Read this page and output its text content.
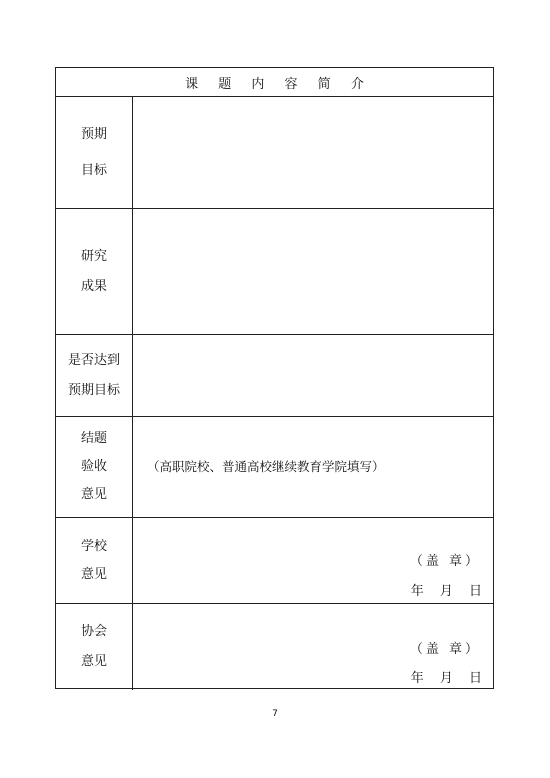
课 题 内 容 简 介
预期
目标
研究
成果
是否达到
预期目标
结题
验收
意见
（高职院校、普通高校继续教育学院填写）
学校
意见
（盖 章）
年 月 日
协会
意见
（盖 章）
年 月 日
7
